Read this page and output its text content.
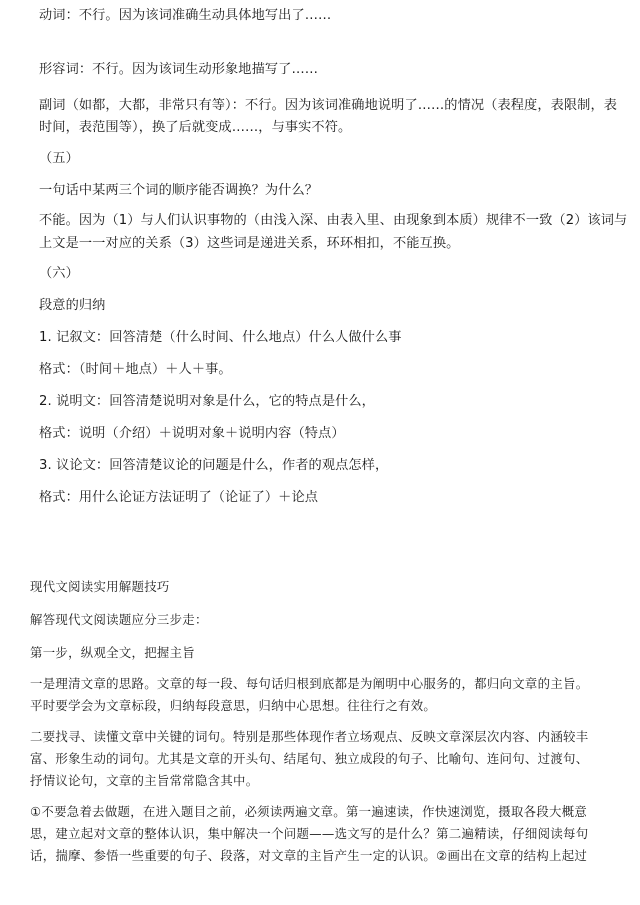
动词：不行。因为该词准确生动具体地写出了……
形容词：不行。因为该词生动形象地描写了……
副词（如都，大都，非常只有等）：不行。因为该词准确地说明了……的情况（表程度，表限制，表
时间，表范围等），换了后就变成……，与事实不符。
（五）
一句话中某两三个词的顺序能否调换？为什么？
不能。因为（1）与人们认识事物的（由浅入深、由表入里、由现象到本质）规律不一致（2）该词与
上文是一一对应的关系（3）这些词是递进关系，环环相扣，不能互换。
（六）
段意的归纳
1. 记叙文：回答清楚（什么时间、什么地点）什么人做什么事
格式：（时间＋地点）＋人＋事。
2. 说明文：回答清楚说明对象是什么，它的特点是什么，
格式：说明（介绍）＋说明对象＋说明内容（特点）
3. 议论文：回答清楚议论的问题是什么，作者的观点怎样，
格式：用什么论证方法证明了（论证了）＋论点
现代文阅读实用解题技巧
解答现代文阅读题应分三步走：
第一步，纵观全文，把握主旨
一是理清文章的思路。文章的每一段、每句话归根到底都是为阐明中心服务的，都归向文章的主旨。
平时要学会为文章标段，归纳每段意思，归纳中心思想。往往行之有效。
二要找寻、读懂文章中关键的词句。特别是那些体现作者立场观点、反映文章深层次内容、内涵较丰
富、形象生动的词句。尤其是文章的开头句、结尾句、独立成段的句子、比喻句、连问句、过渡句、
抒情议论句，文章的主旨常常隐含其中。
①不要急着去做题，在进入题目之前，必须读两遍文章。第一遍速读，作快速浏览，摄取各段大概意
思，建立起对文章的整体认识，集中解决一个问题——选文写的是什么？第二遍精读，仔细阅读每句
话，揣摩、参悟一些重要的句子、段落，对文章的主旨产生一定的认识。②画出在文章的结构上起过
